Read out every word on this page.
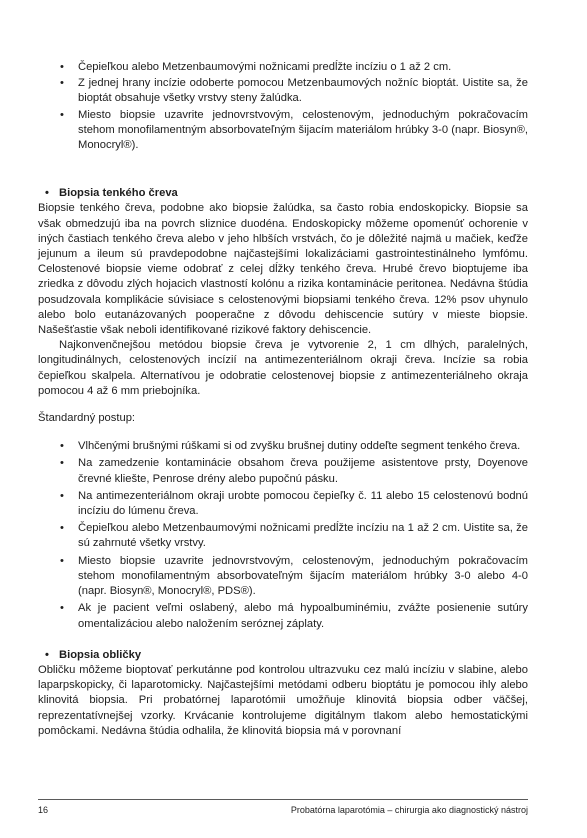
• Čepieľkou alebo Metzenbaumovými nožnicami predĺžte incíziu o 1 až 2 cm.
• Z jednej hrany incízie odoberte pomocou Metzenbaumových nožníc bioptát. Uistite sa, že bioptát obsahuje všetky vrstvy steny žalúdka.
• Miesto biopsie uzavrite jednovrstvovým, celostenovým, jednoduchým pokračovacím stehom monofilamentným absorbovateľným šijacím materiálom hrúbky 3-0 (napr. Biosyn®, Monocryl®).
• Biopsia tenkého čreva

Biopsie tenkého čreva, podobne ako biopsie žalúdka, sa často robia endoskopicky. Biopsie sa však obmedzujú iba na povrch sliznice duodéna. Endoskopicky môžeme opomenúť ochorenie v iných častiach tenkého čreva alebo v jeho hlbších vrstvách, čo je dôležité najmä u mačiek, keďže jejunum a ileum sú pravdepodobne najčastejšími lokalizáciami gastrointestinálneho lymfómu. Celostenové biopsie vieme odobrať z celej dĺžky tenkého čreva. Hrubé črevo bioptujeme iba zriedka z dôvodu zlých hojacich vlastností kolónu a rizika kontaminácie peritonea. Nedávna štúdia posudzovala komplikácie súvisiace s celostenovými biopsiami tenkého čreva. 12% psov uhynulo alebo bolo eutanázovaných pooperačne z dôvodu dehiscencie sutúry v mieste biopsie. Našešťastie však neboli identifikované rizikové faktory dehiscencie.

Najkonvenčnejšou metódou biopsie čreva je vytvorenie 2, 1 cm dlhých, paralelných, longitudinálnych, celostenových incízií na antimezenteriálnom okraji čreva. Incízie sa robia čepieľkou skalpela. Alternatívou je odobratie celostenovej biopsie z antimezenteriálneho okraja pomocou 4 až 6 mm priebojníka.

Štandardný postup:

• Vlhčenými brušnými rúškami si od zvyšku brušnej dutiny oddeľte segment tenkého čreva.
• Na zamedzenie kontaminácie obsahom čreva použijeme asistentove prsty, Doyenove črevné kliešte, Penrose drény alebo pupočnú pásku.
• Na antimezenteriálnom okraji urobte pomocou čepieľky č. 11 alebo 15 celostenovú bodnú incíziu do lúmenu čreva.
• Čepieľkou alebo Metzenbaumovými nožnicami predĺžte incíziu na 1 až 2 cm. Uistite sa, že sú zahrnuté všetky vrstvy.
• Miesto biopsie uzavrite jednovrstvovým, celostenovým, jednoduchým pokračovacím stehom monofilamentným absorbovateľným šijacím materiálom hrúbky 3-0 alebo 4-0 (napr. Biosyn®, Monocryl®, PDS®).
• Ak je pacient veľmi oslabený, alebo má hypoalbuminémiu, zvážte posienenie sutúry omentalizáciou alebo naložením seróznej záplaty.
• Biopsia obličky

Obličku môžeme bioptovať perkutánne pod kontrolou ultrazvuku cez malú incíziu v slabine, alebo laparpskopicky, či laparotomicky. Najčastejšími metódami odberu bioptátu je pomocou ihly alebo klinovitá biopsia. Pri probatórnej laparotómii umožňuje klinovitá biopsia odber väčšej, reprezentatívnejšej vzorky. Krvácanie kontrolujeme digitálnym tlakom alebo hemostatickými pomôckami. Nedávna štúdia odhalila, že klinovitá biopsia má v porovnaní

16	Probatórna laparotómia – chirurgia ako diagnostický nástroj
